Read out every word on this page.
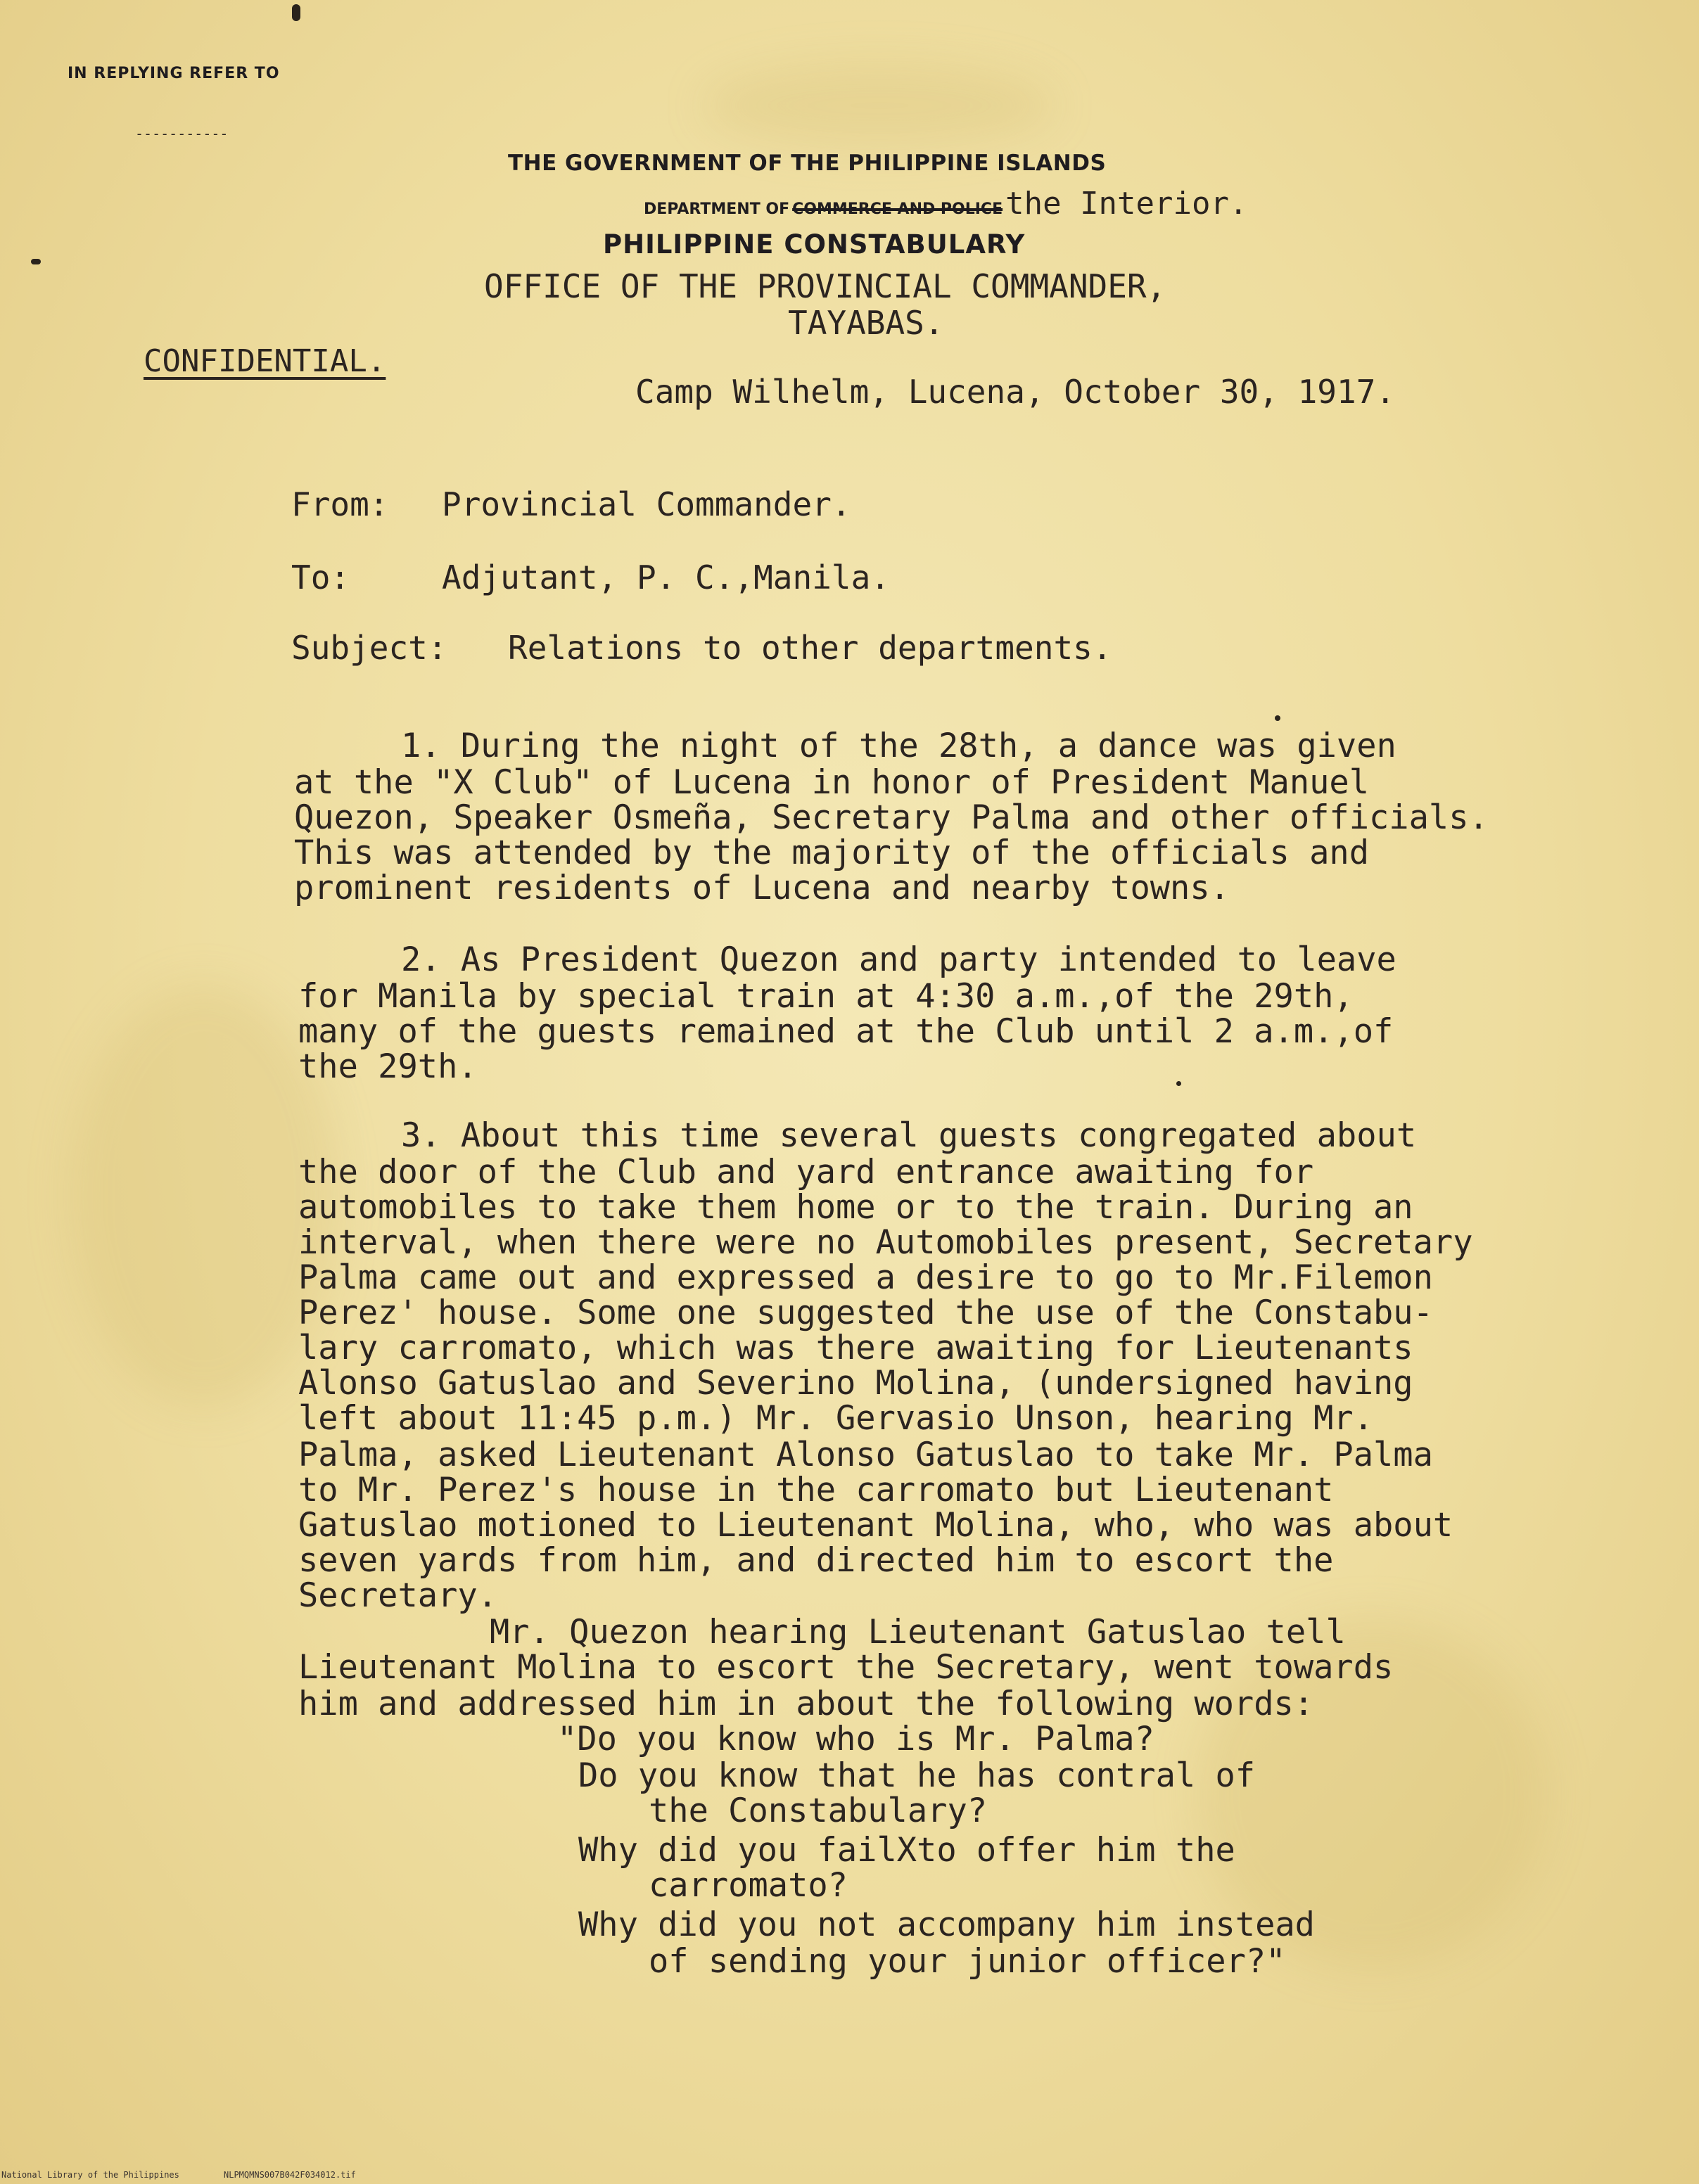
IN REPLYING REFER TO
-----------
THE GOVERNMENT OF THE PHILIPPINE ISLANDS
DEPARTMENT OF COMMERCE AND POLICE the Interior.
PHILIPPINE CONSTABULARY
OFFICE OF THE PROVINCIAL COMMANDER,
TAYABAS.
CONFIDENTIAL.
Camp Wilhelm, Lucena, October 30, 1917.
From: Provincial Commander.
To:	Adjutant, P. C.,Manila.
Subject: Relations to other departments.
1. During the night of the 28th, a dance was given
at the "X Club" of Lucena in honor of President Manuel
Quezon, Speaker Osmeña, Secretary Palma and other officials.
This was attended by the majority of the officials and
prominent residents of Lucena and nearby towns.
2. As President Quezon and party intended to leave
for Manila by special train at 4:30 a.m.,of the 29th,
many of the guests remained at the Club until 2 a.m.,of
the 29th.
3. About this time several guests congregated about
the door of the Club and yard entrance awaiting for
automobiles to take them home or to the train. During an
interval, when there were no Automobiles present, Secretary
Palma came out and expressed a desire to go to Mr.Filemon
Perez' house. Some one suggested the use of the Constabu-
lary carromato, which was there awaiting for Lieutenants
Alonso Gatuslao and Severino Molina, (undersigned having
left about 11:45 p.m.) Mr. Gervasio Unson, hearing Mr.
Palma, asked Lieutenant Alonso Gatuslao to take Mr. Palma
to Mr. Perez's house in the carromato but Lieutenant
Gatuslao motioned to Lieutenant Molina, who, who was about
seven yards from him, and directed him to escort the
Secretary.
Mr. Quezon hearing Lieutenant Gatuslao tell
Lieutenant Molina to escort the Secretary, went towards
him and addressed him in about the following words:
"Do you know who is Mr. Palma?
Do you know that he has contral of
the Constabulary?
Why did you failXto offer him the
carromato?
Why did you not accompany him instead
of sending your junior officer?"
National Library of the Philippines	NLPMQMNS007B042F034012.tif
